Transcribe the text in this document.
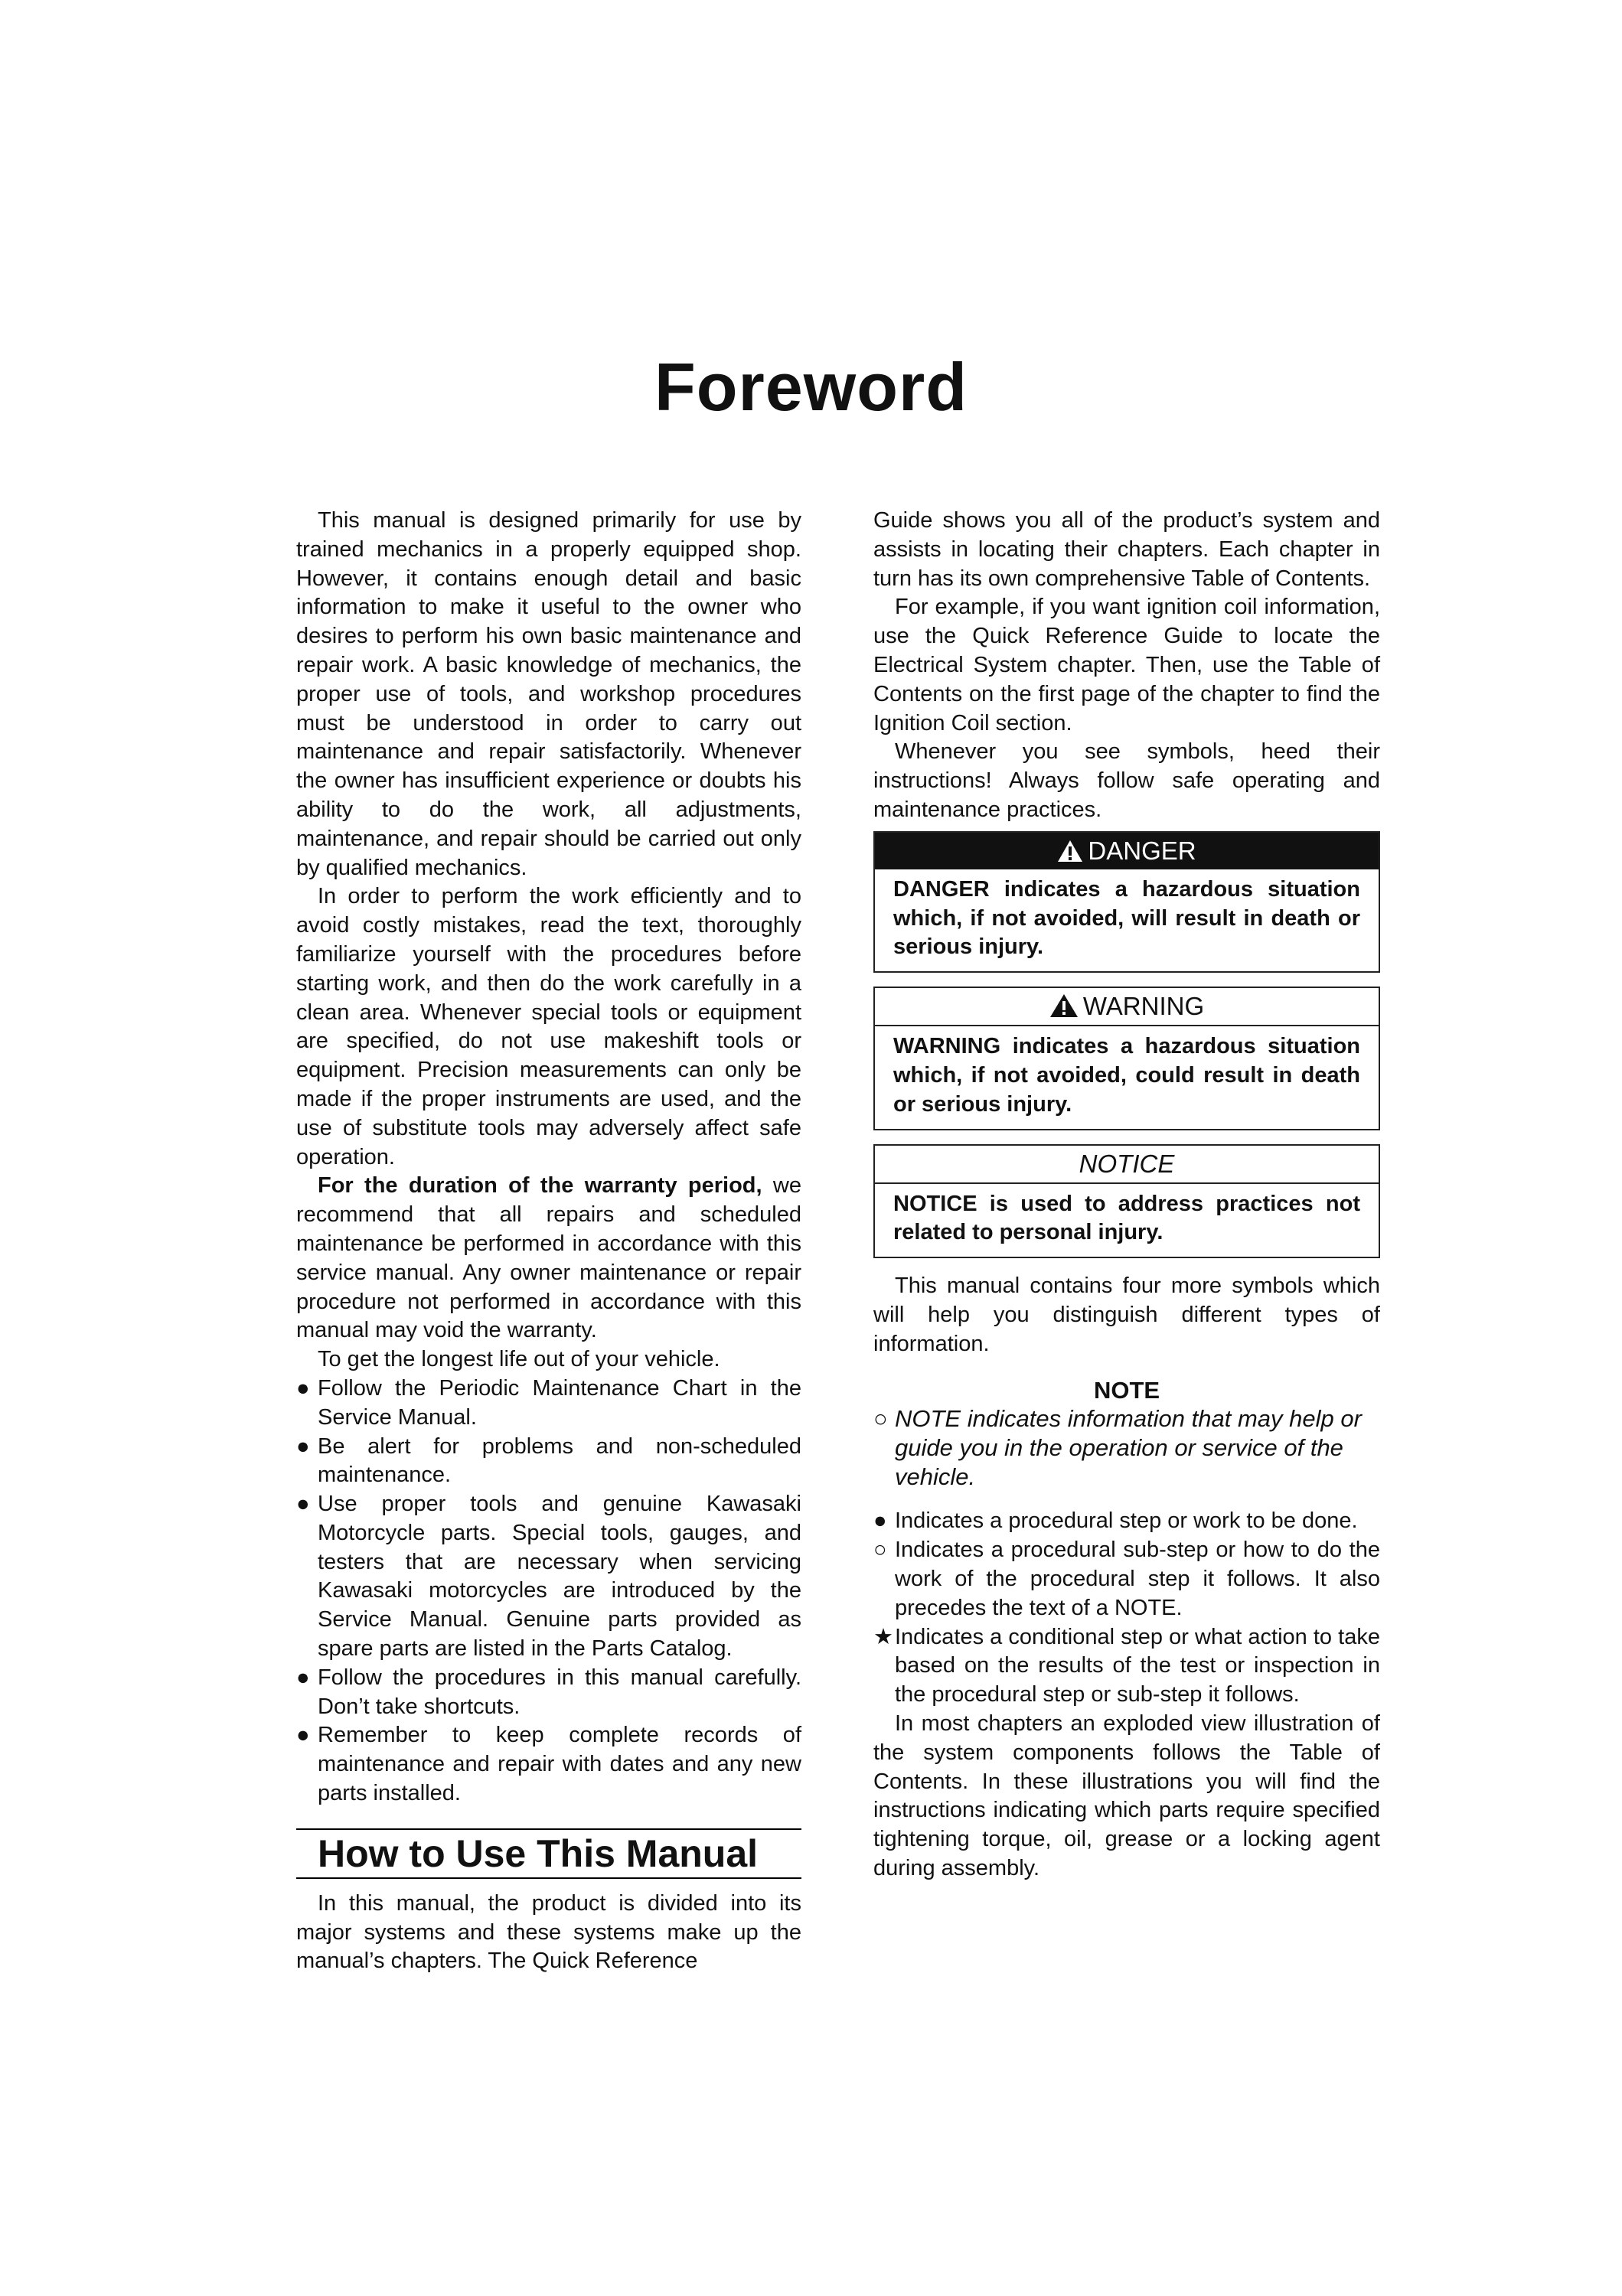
Foreword

This manual is designed primarily for use by trained mechanics in a properly equipped shop. However, it contains enough detail and basic information to make it useful to the owner who desires to perform his own basic maintenance and repair work. A basic knowledge of mechanics, the proper use of tools, and workshop procedures must be understood in order to carry out maintenance and repair satisfactorily. Whenever the owner has insufficient experience or doubts his ability to do the work, all adjustments, maintenance, and repair should be carried out only by qualified mechanics.

In order to perform the work efficiently and to avoid costly mistakes, read the text, thoroughly familiarize yourself with the procedures before starting work, and then do the work carefully in a clean area. Whenever special tools or equipment are specified, do not use makeshift tools or equipment. Precision measurements can only be made if the proper instruments are used, and the use of substitute tools may adversely affect safe operation.

For the duration of the warranty period, we recommend that all repairs and scheduled maintenance be performed in accordance with this service manual. Any owner maintenance or repair procedure not performed in accordance with this manual may void the warranty.

To get the longest life out of your vehicle.

● Follow the Periodic Maintenance Chart in the Service Manual.
● Be alert for problems and non-scheduled maintenance.
● Use proper tools and genuine Kawasaki Motorcycle parts. Special tools, gauges, and testers that are necessary when servicing Kawasaki motorcycles are introduced by the Service Manual. Genuine parts provided as spare parts are listed in the Parts Catalog.
● Follow the procedures in this manual carefully. Don’t take shortcuts.
● Remember to keep complete records of maintenance and repair with dates and any new parts installed.
How to Use This Manual

In this manual, the product is divided into its major systems and these systems make up the manual’s chapters. The Quick Reference

Guide shows you all of the product’s system and assists in locating their chapters. Each chapter in turn has its own comprehensive Table of Contents.

For example, if you want ignition coil information, use the Quick Reference Guide to locate the Electrical System chapter. Then, use the Table of Contents on the first page of the chapter to find the Ignition Coil section.

Whenever you see symbols, heed their instructions! Always follow safe operating and maintenance practices.

DANGER
DANGER indicates a hazardous situation which, if not avoided, will result in death or serious injury.
WARNING
WARNING indicates a hazardous situation which, if not avoided, could result in death or serious injury.
NOTICE
NOTICE is used to address practices not related to personal injury.

This manual contains four more symbols which will help you distinguish different types of information.

NOTE
○ NOTE indicates information that may help or guide you in the operation or service of the vehicle.
● Indicates a procedural step or work to be done.
○ Indicates a procedural sub-step or how to do the work of the procedural step it follows. It also precedes the text of a NOTE.
★ Indicates a conditional step or what action to take based on the results of the test or inspection in the procedural step or sub-step it follows.

In most chapters an exploded view illustration of the system components follows the Table of Contents. In these illustrations you will find the instructions indicating which parts require specified tightening torque, oil, grease or a locking agent during assembly.
